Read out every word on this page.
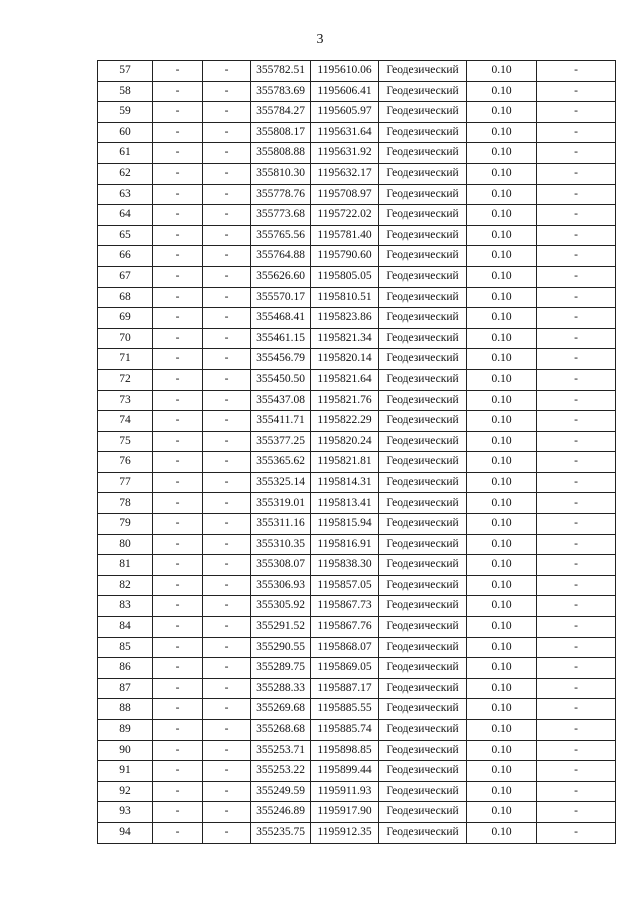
3
57	-	-	355782.51	1195610.06	Геодезический	0.10	-
58	-	-	355783.69	1195606.41	Геодезический	0.10	-
59	-	-	355784.27	1195605.97	Геодезический	0.10	-
60	-	-	355808.17	1195631.64	Геодезический	0.10	-
61	-	-	355808.88	1195631.92	Геодезический	0.10	-
62	-	-	355810.30	1195632.17	Геодезический	0.10	-
63	-	-	355778.76	1195708.97	Геодезический	0.10	-
64	-	-	355773.68	1195722.02	Геодезический	0.10	-
65	-	-	355765.56	1195781.40	Геодезический	0.10	-
66	-	-	355764.88	1195790.60	Геодезический	0.10	-
67	-	-	355626.60	1195805.05	Геодезический	0.10	-
68	-	-	355570.17	1195810.51	Геодезический	0.10	-
69	-	-	355468.41	1195823.86	Геодезический	0.10	-
70	-	-	355461.15	1195821.34	Геодезический	0.10	-
71	-	-	355456.79	1195820.14	Геодезический	0.10	-
72	-	-	355450.50	1195821.64	Геодезический	0.10	-
73	-	-	355437.08	1195821.76	Геодезический	0.10	-
74	-	-	355411.71	1195822.29	Геодезический	0.10	-
75	-	-	355377.25	1195820.24	Геодезический	0.10	-
76	-	-	355365.62	1195821.81	Геодезический	0.10	-
77	-	-	355325.14	1195814.31	Геодезический	0.10	-
78	-	-	355319.01	1195813.41	Геодезический	0.10	-
79	-	-	355311.16	1195815.94	Геодезический	0.10	-
80	-	-	355310.35	1195816.91	Геодезический	0.10	-
81	-	-	355308.07	1195838.30	Геодезический	0.10	-
82	-	-	355306.93	1195857.05	Геодезический	0.10	-
83	-	-	355305.92	1195867.73	Геодезический	0.10	-
84	-	-	355291.52	1195867.76	Геодезический	0.10	-
85	-	-	355290.55	1195868.07	Геодезический	0.10	-
86	-	-	355289.75	1195869.05	Геодезический	0.10	-
87	-	-	355288.33	1195887.17	Геодезический	0.10	-
88	-	-	355269.68	1195885.55	Геодезический	0.10	-
89	-	-	355268.68	1195885.74	Геодезический	0.10	-
90	-	-	355253.71	1195898.85	Геодезический	0.10	-
91	-	-	355253.22	1195899.44	Геодезический	0.10	-
92	-	-	355249.59	1195911.93	Геодезический	0.10	-
93	-	-	355246.89	1195917.90	Геодезический	0.10	-
94	-	-	355235.75	1195912.35	Геодезический	0.10	-
